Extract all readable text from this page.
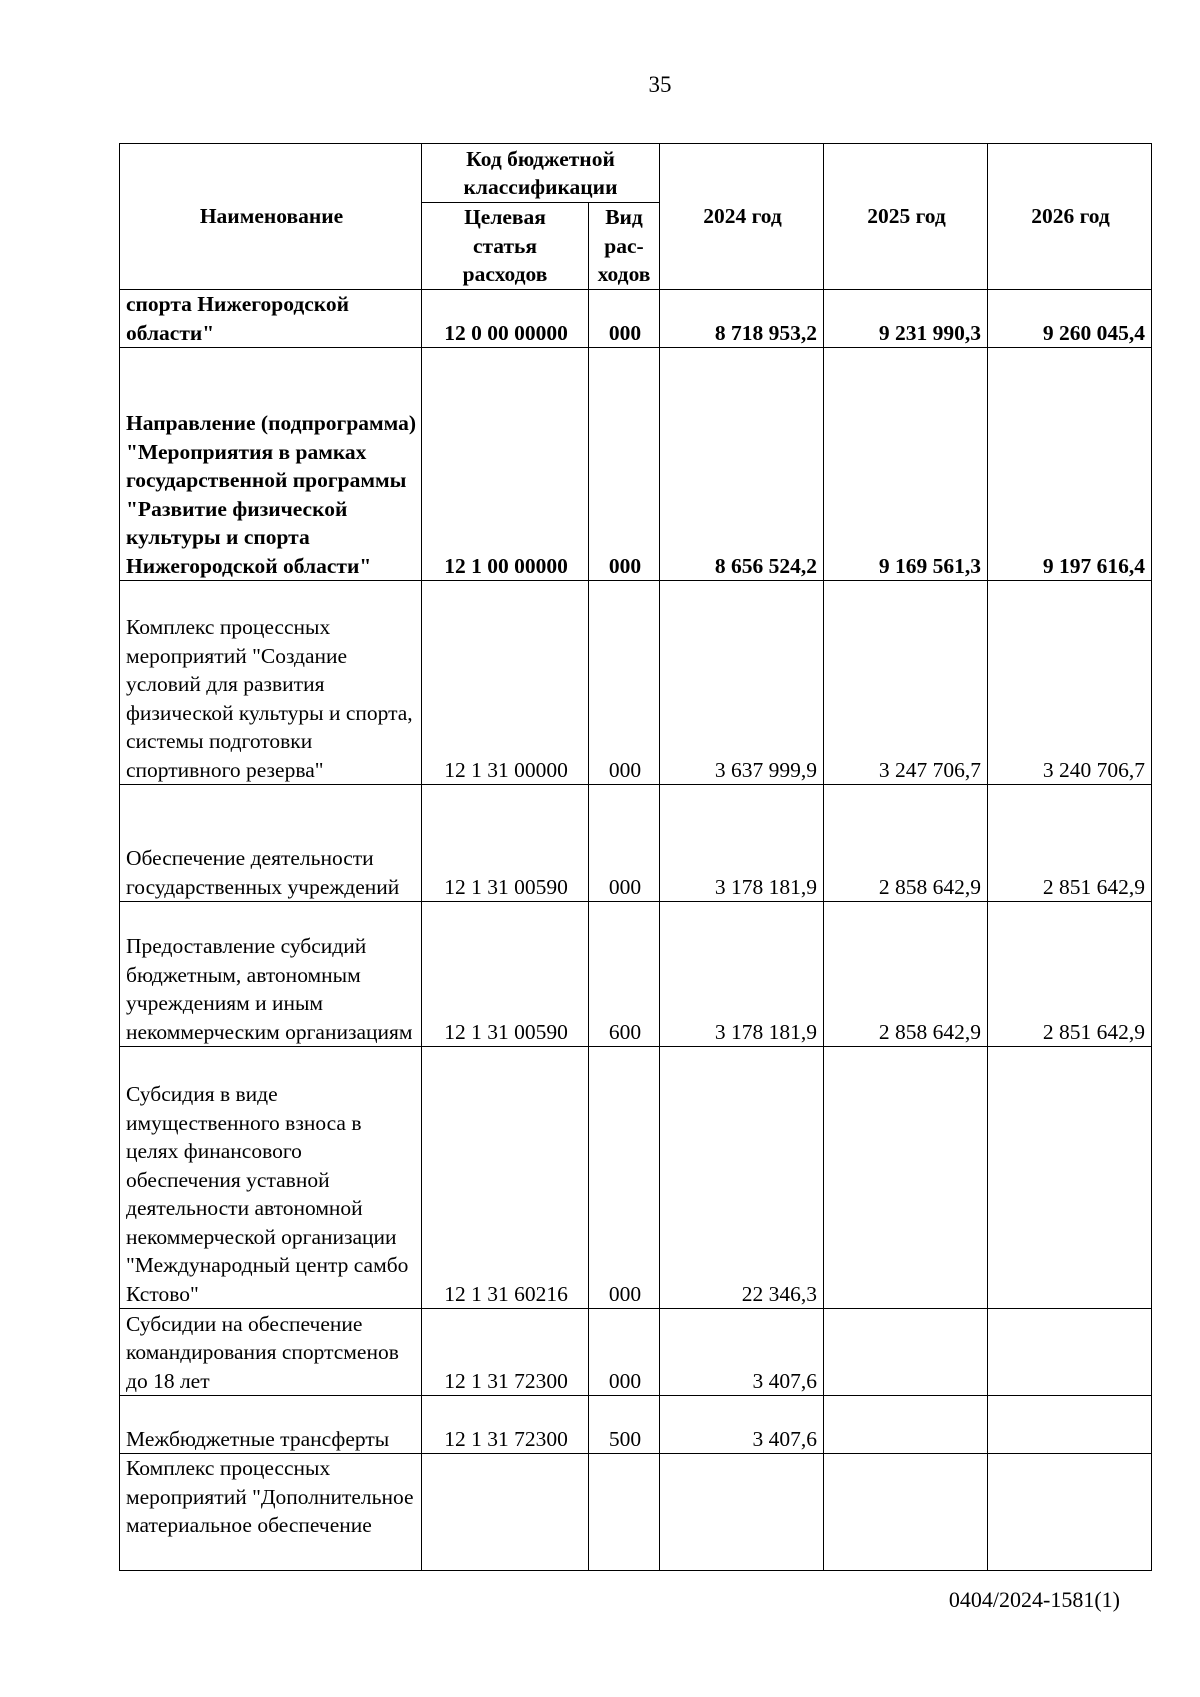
35
Наименование	Код бюджетной классификации		2024 год	2025 год	2026 год
	Целевая статья расходов	Вид рас-ходов			
спорта Нижегородской области"	12 0 00 00000	000	8 718 953,2	9 231 990,3	9 260 045,4
Направление (подпрограмма) "Мероприятия в рамках государственной программы "Развитие физической культуры и спорта Нижегородской области"	12 1 00 00000	000	8 656 524,2	9 169 561,3	9 197 616,4
Комплекс процессных мероприятий "Создание условий для развития физической культуры и спорта, системы подготовки спортивного резерва"	12 1 31 00000	000	3 637 999,9	3 247 706,7	3 240 706,7
Обеспечение деятельности государственных учреждений	12 1 31 00590	000	3 178 181,9	2 858 642,9	2 851 642,9
Предоставление субсидий бюджетным, автономным учреждениям и иным некоммерческим организациям	12 1 31 00590	600	3 178 181,9	2 858 642,9	2 851 642,9
Субсидия в виде имущественного взноса в целях финансового обеспечения уставной деятельности автономной некоммерческой организации "Международный центр самбо Кстово"	12 1 31 60216	000	22 346,3		
Субсидии на обеспечение командирования спортсменов до 18 лет	12 1 31 72300	000	3 407,6		
Межбюджетные трансферты	12 1 31 72300	500	3 407,6		
Комплекс процессных мероприятий "Дополнительное материальное обеспечение					
0404/2024-1581(1)
